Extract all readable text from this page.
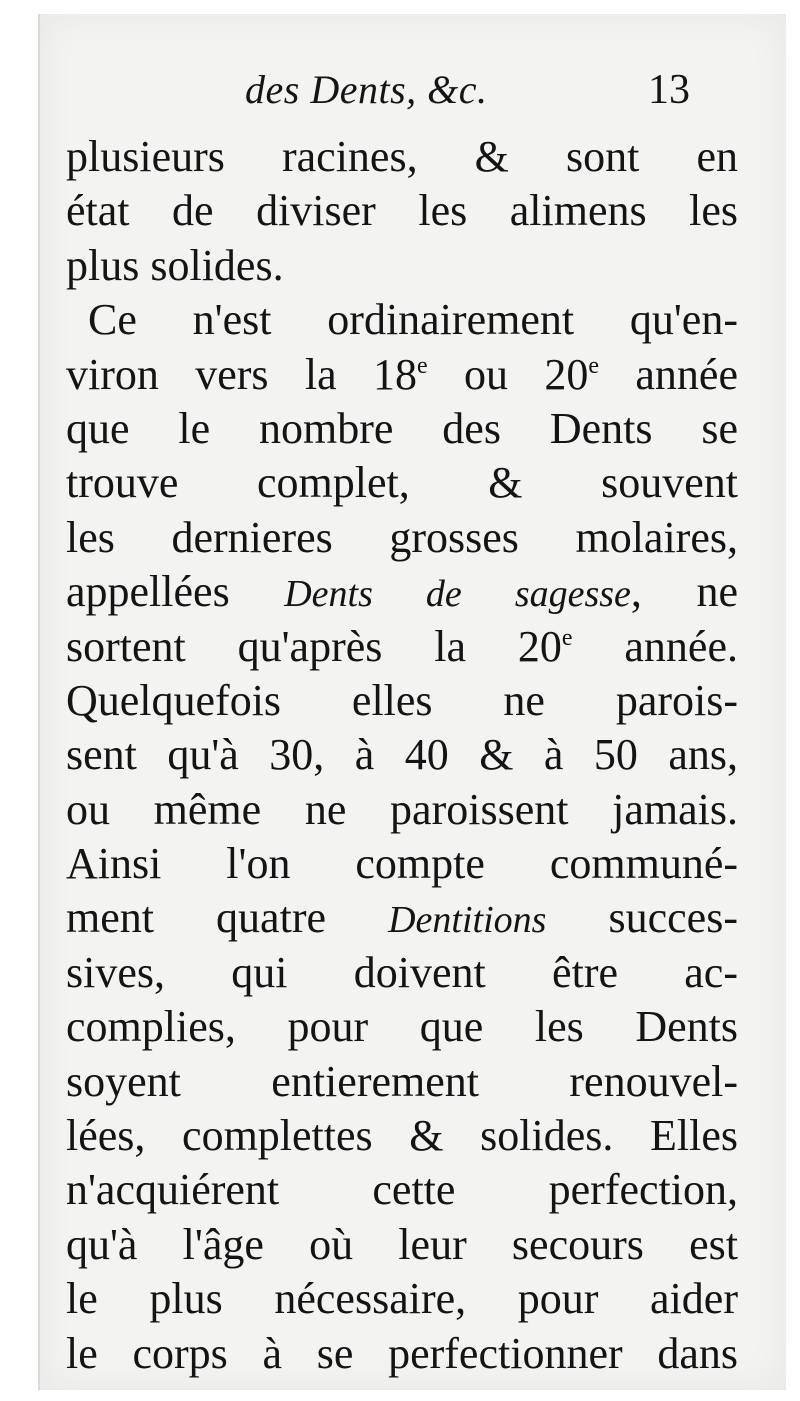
des Dents, &c.	13
plusieurs racines, & sont en
état de diviser les alimens les
plus solides.
Ce n'est ordinairement qu'en-
viron vers la 18e ou 20e année
que le nombre des Dents se
trouve complet, & souvent
les dernieres grosses molaires,
appellées Dents de sagesse, ne
sortent qu'après la 20e année.
Quelquefois elles ne parois-
sent qu'à 30, à 40 & à 50 ans,
ou même ne paroissent jamais.
Ainsi l'on compte communé-
ment quatre Dentitions succes-
sives, qui doivent être ac-
complies, pour que les Dents
soyent entierement renouvel-
lées, complettes & solides. Elles
n'acquiérent cette perfection,
qu'à l'âge où leur secours est
le plus nécessaire, pour aider
le corps à se perfectionner dans
